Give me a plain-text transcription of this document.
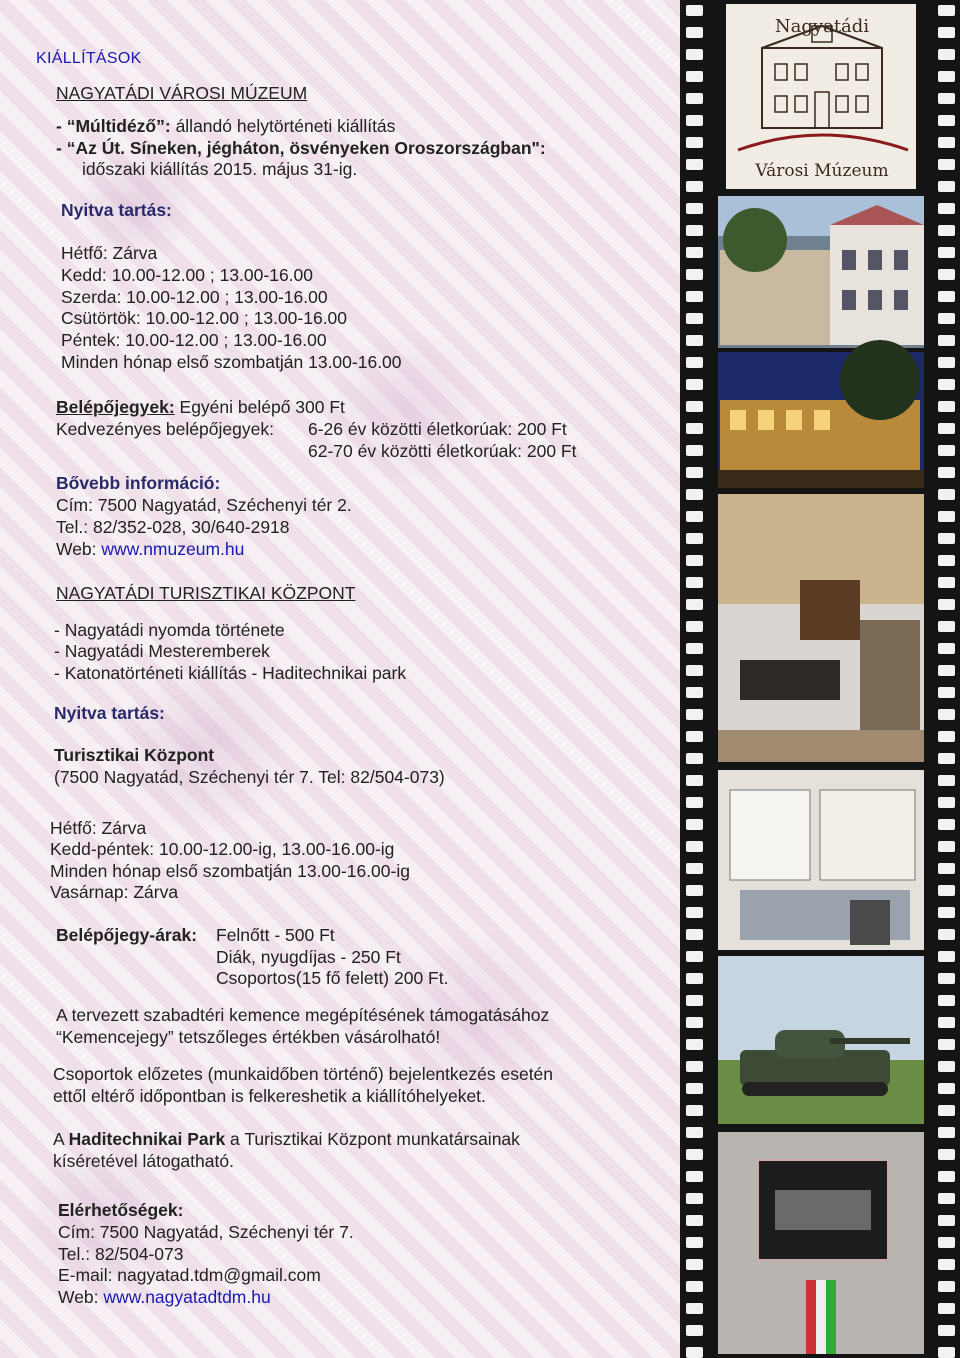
KIÁLLÍTÁSOK
NAGYATÁDI VÁROSI MÚZEUM
- “Múltidéző”: állandó helytörténeti kiállítás
- “Az Út. Síneken, jégháton, ösvényeken Oroszországban":
időszaki kiállítás 2015. május 31-ig.
Nyitva tartás:
Hétfő: Zárva
Kedd: 10.00-12.00 ; 13.00-16.00
Szerda: 10.00-12.00 ; 13.00-16.00
Csütörtök: 10.00-12.00 ; 13.00-16.00
Péntek: 10.00-12.00 ; 13.00-16.00
Minden hónap első szombatján 13.00-16.00
Belépőjegyek: Egyéni belépő 300 Ft
Kedvezényes belépőjegyek: 6-26 év közötti életkorúak: 200 Ft
62-70 év közötti életkorúak: 200 Ft
Bővebb információ:
Cím: 7500 Nagyatád, Széchenyi tér 2.
Tel.: 82/352-028, 30/640-2918
Web: www.nmuzeum.hu
NAGYATÁDI TURISZTIKAI KÖZPONT
- Nagyatádi nyomda története
- Nagyatádi Mesteremberek
- Katonatörténeti kiállítás - Haditechnikai park
Nyitva tartás:
Turisztikai Központ
(7500 Nagyatád, Széchenyi tér 7. Tel: 82/504-073)
Hétfő: Zárva
Kedd-péntek: 10.00-12.00-ig, 13.00-16.00-ig
Minden hónap első szombatján 13.00-16.00-ig
Vasárnap: Zárva
Belépőjegy-árak: Felnőtt - 500 Ft
Diák, nyugdíjas - 250 Ft
Csoportos(15 fő felett) 200 Ft.
A tervezett szabadtéri kemence megépítésének támogatásához
“Kemencejegy” tetszőleges értékben vásárolható!
Csoportok előzetes (munkaidőben történő) bejelentkezés esetén
ettől eltérő időpontban is felkereshetik a kiállítóhelyeket.
A Haditechnikai Park a Turisztikai Központ munkatársainak
kíséretével látogatható.
Elérhetőségek:
Cím: 7500 Nagyatád, Széchenyi tér 7.
Tel.: 82/504-073
E-mail: nagyatad.tdm@gmail.com
Web: www.nagyatadtdm.hu
Nagyatádi
Városi Múzeum
